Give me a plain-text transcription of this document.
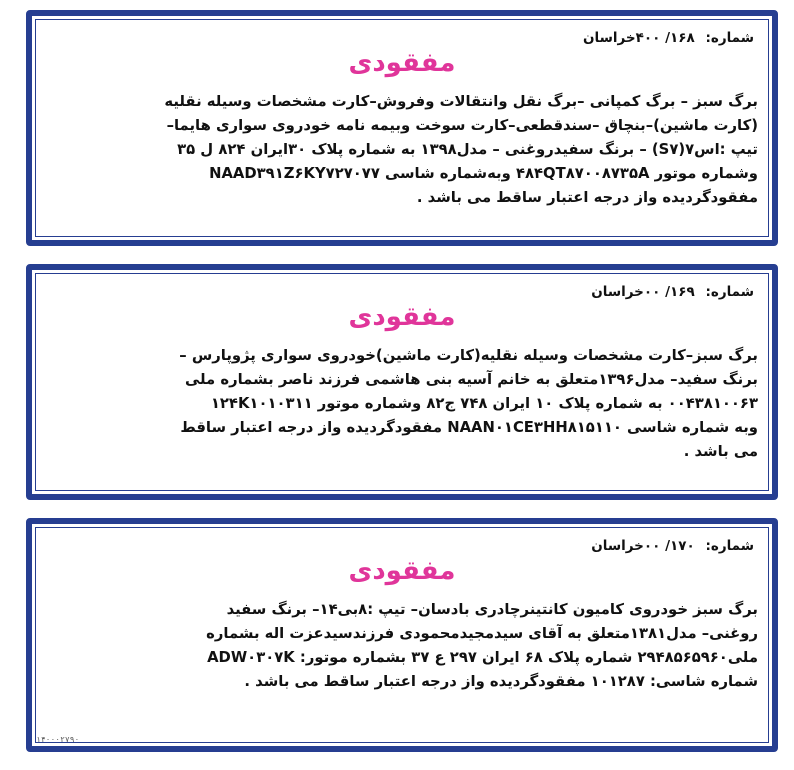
شماره: ۱۶۸/ ۴۰۰خراسان
مفقودی

برگ سبز – برگ کمپانی –برگ نقل وانتقالات وفروش–کارت مشخصات وسیله نقلیه

(کارت ماشین)–بنچاق –سندقطعی–کارت سوخت وبیمه نامه خودروی سواری هایما–

تیپ :اس۷(S۷) – برنگ سفیدروغنی – مدل۱۳۹۸ به شماره پلاک ۳۰ایران ۸۲۴ ل ۳۵

وشماره موتور ۴۸۴QT۸۷۰۰۸۷۳۵A وبه‌شماره شاسی NAAD۳۹۱Z۶KY۷۲۷۰۷۷

مفقودگردیده واز درجه اعتبار ساقط می باشد .

شماره: ۱۶۹/ ۰۰خراسان
مفقودی

برگ سبز–کارت مشخصات وسیله نقلیه(کارت ماشین)خودروی سواری پژوپارس –

برنگ سفید– مدل۱۳۹۶متعلق به خانم آسیه بنی هاشمی فرزند ناصر بشماره ملی

۰۰۴۳۸۱۰۰۶۳ به شماره پلاک ۱۰ ایران ۷۴۸ ج۸۲ وشماره موتور ۱۲۴K۱۰۱۰۳۱۱

وبه شماره شاسی NAAN۰۱CE۳HH۸۱۵۱۱۰ مفقودگردیده واز درجه اعتبار ساقط

می باشد .

شماره: ۱۷۰/ ۰۰خراسان
مفقودی

برگ سبز خودروی کامیون کانتینرچادری بادسان– تیپ :۸بی۱۴– برنگ سفید

روغنی– مدل۱۳۸۱متعلق به آقای سیدمجیدمحمودی فرزندسیدعزت اله بشماره

ملی۲۹۴۸۵۶۵۹۶۰ شماره پلاک ۶۸ ایران ۲۹۷ ع ۳۷ بشماره موتور: ADW۰۳۰۷K

شماره شاسی: ۱۰۱۲۸۷ مفقودگردیده واز درجه اعتبار ساقط می باشد .

۱۴۰۰۰۲۷۹۰
